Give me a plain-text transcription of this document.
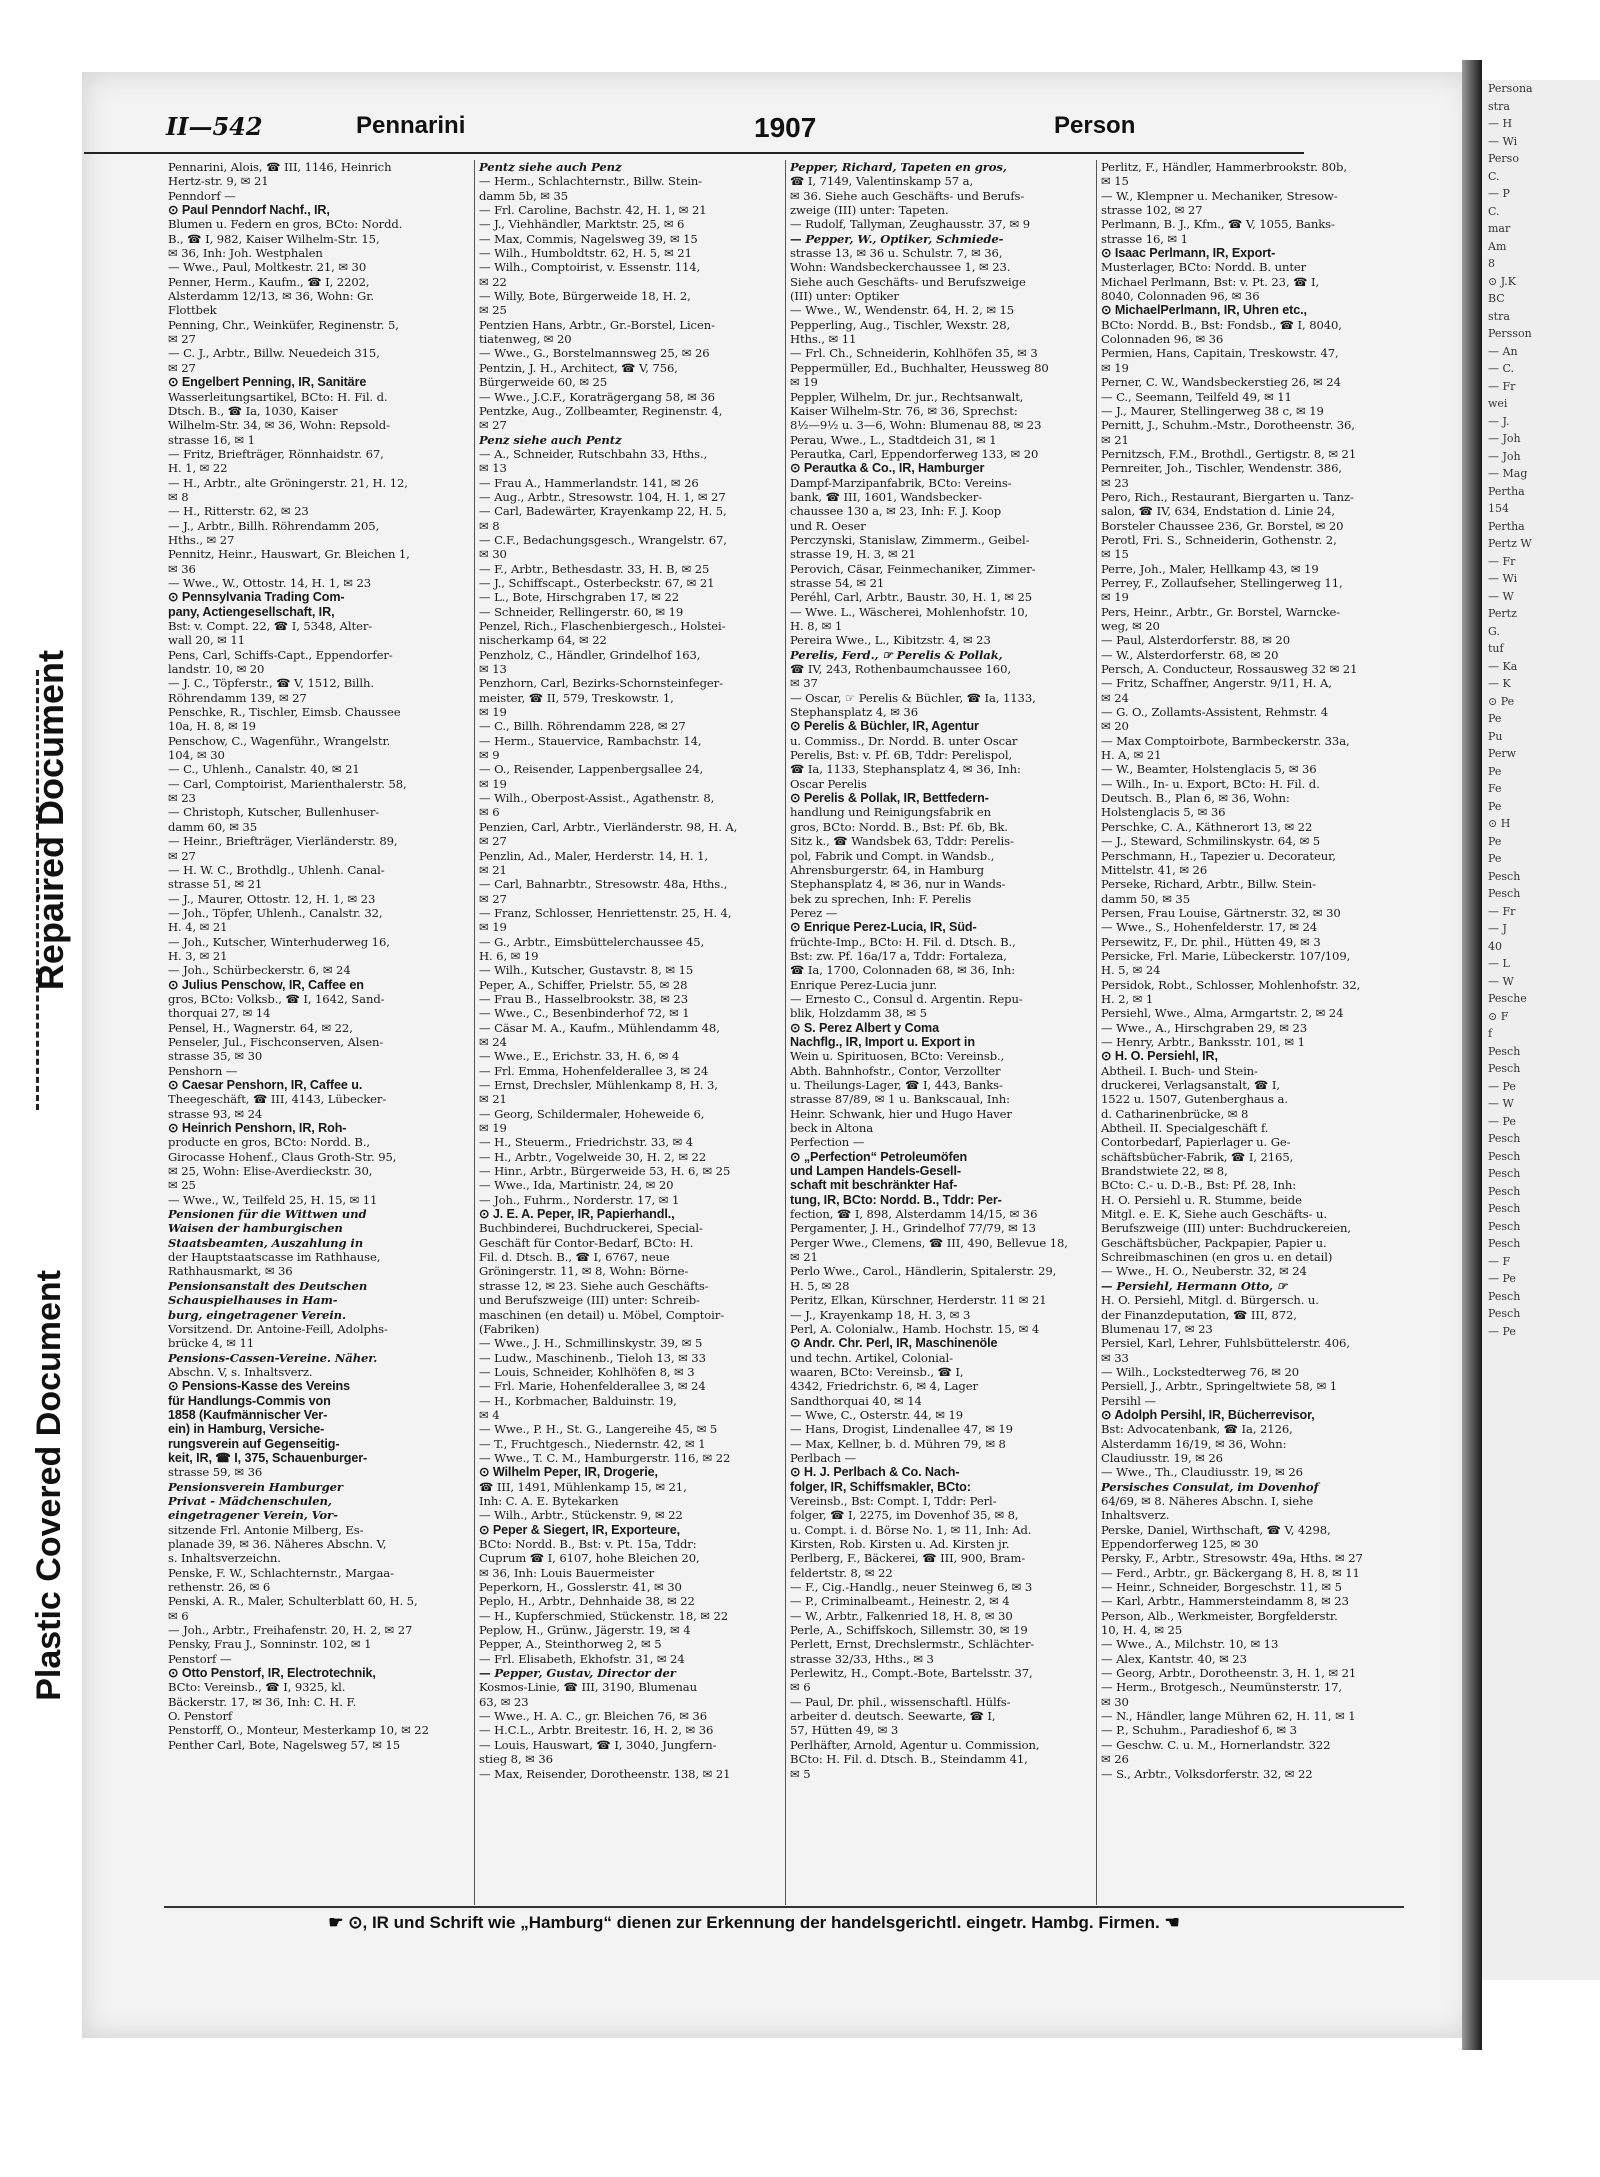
Repaired Document
Plastic Covered Document
Persona
stra
— H
— Wi
Perso
C.
— P
C.
mar
Am
8
⊙ J.K
BC
stra
Persson
— An
— C.
— Fr
wei
— J.
— Joh
— Joh
— Mag
Pertha
154
Pertha
Pertz W
— Fr
— Wi
— W
Pertz
G.
tuf
— Ka
— K
⊙ Pe
Pe
Pu
Perw
Pe
Fe
Pe
⊙ H
Pe
Pe
Pesch
Pesch
— Fr
— J
40
— L
— W
Pesche
⊙ F
f
Pesch
Pesch
— Pe
— W
— Pe
Pesch
Pesch
Pesch
Pesch
Pesch
Pesch
Pesch
— F
— Pe
Pesch
Pesch
— Pe
II—542	Pennarini	1907	Person
Pennarini, Alois, ☎ III, 1146, Heinrich
Hertz-str. 9, ✉ 21
Penndorf —
⊙ Paul Penndorf Nachf., IR,
Blumen u. Federn en gros, BCto: Nordd.
B., ☎ I, 982, Kaiser Wilhelm-Str. 15,
✉ 36, Inh: Joh. Westphalen
— Wwe., Paul, Moltkestr. 21, ✉ 30
Penner, Herm., Kaufm., ☎ I, 2202,
Alsterdamm 12/13, ✉ 36, Wohn: Gr.
Flottbek
Penning, Chr., Weinküfer, Reginenstr. 5,
✉ 27
— C. J., Arbtr., Billw. Neuedeich 315,
✉ 27
⊙ Engelbert Penning, IR, Sanitäre
Wasserleitungsartikel, BCto: H. Fil. d.
Dtsch. B., ☎ Ia, 1030, Kaiser
Wilhelm-Str. 34, ✉ 36, Wohn: Repsold-
strasse 16, ✉ 1
— Fritz, Briefträger, Rönnhaidstr. 67,
H. 1, ✉ 22
— H., Arbtr., alte Gröningerstr. 21, H. 12,
✉ 8
— H., Ritterstr. 62, ✉ 23
— J., Arbtr., Billh. Röhrendamm 205,
Hths., ✉ 27
Pennitz, Heinr., Hauswart, Gr. Bleichen 1,
✉ 36
— Wwe., W., Ottostr. 14, H. 1, ✉ 23
⊙ Pennsylvania Trading Com-
pany, Actiengesellschaft, IR,
Bst: v. Compt. 22, ☎ I, 5348, Alter-
wall 20, ✉ 11
Pens, Carl, Schiffs-Capt., Eppendorfer-
landstr. 10, ✉ 20
— J. C., Töpferstr., ☎ V, 1512, Billh.
Röhrendamm 139, ✉ 27
Penschke, R., Tischler, Eimsb. Chaussee
10a, H. 8, ✉ 19
Penschow, C., Wagenführ., Wrangelstr.
104, ✉ 30
— C., Uhlenh., Canalstr. 40, ✉ 21
— Carl, Comptoirist, Marienthalerstr. 58,
✉ 23
— Christoph, Kutscher, Bullenhuser-
damm 60, ✉ 35
— Heinr., Briefträger, Vierländerstr. 89,
✉ 27
— H. W. C., Brothdlg., Uhlenh. Canal-
strasse 51, ✉ 21
— J., Maurer, Ottostr. 12, H. 1, ✉ 23
— Joh., Töpfer, Uhlenh., Canalstr. 32,
H. 4, ✉ 21
— Joh., Kutscher, Winterhuderweg 16,
H. 3, ✉ 21
— Joh., Schürbeckerstr. 6, ✉ 24
⊙ Julius Penschow, IR, Caffee en
gros, BCto: Volksb., ☎ I, 1642, Sand-
thorquai 27, ✉ 14
Pensel, H., Wagnerstr. 64, ✉ 22,
Penseler, Jul., Fischconserven, Alsen-
strasse 35, ✉ 30
Penshorn —
⊙ Caesar Penshorn, IR, Caffee u.
Theegeschäft, ☎ III, 4143, Lübecker-
strasse 93, ✉ 24
⊙ Heinrich Penshorn, IR, Roh-
producte en gros, BCto: Nordd. B.,
Girocasse Hohenf., Claus Groth-Str. 95,
✉ 25, Wohn: Elise-Averdieckstr. 30,
✉ 25
— Wwe., W., Teilfeld 25, H. 15, ✉ 11
Pensionen für die Wittwen und
Waisen der hamburgischen
Staatsbeamten, Auszahlung in
der Hauptstaatscasse im Rathhause,
Rathhausmarkt, ✉ 36
Pensionsanstalt des Deutschen
Schauspielhauses in Ham-
burg, eingetragener Verein.
Vorsitzend. Dr. Antoine-Feill, Adolphs-
brücke 4, ✉ 11
Pensions-Cassen-Vereine. Näher.
Abschn. V, s. Inhaltsverz.
⊙ Pensions-Kasse des Vereins
für Handlungs-Commis von
1858 (Kaufmännischer Ver-
ein) in Hamburg, Versiche-
rungsverein auf Gegenseitig-
keit, IR, ☎ I, 375, Schauenburger-
strasse 59, ✉ 36
Pensionsverein Hamburger
Privat - Mädchenschulen,
eingetragener Verein, Vor-
sitzende Frl. Antonie Milberg, Es-
planade 39, ✉ 36. Näheres Abschn. V,
s. Inhaltsverzeichn.
Penske, F. W., Schlachternstr., Margaa-
rethenstr. 26, ✉ 6
Penski, A. R., Maler, Schulterblatt 60, H. 5,
✉ 6
— Joh., Arbtr., Freihafenstr. 20, H. 2, ✉ 27
Pensky, Frau J., Sonninstr. 102, ✉ 1
Penstorf —
⊙ Otto Penstorf, IR, Electrotechnik,
BCto: Vereinsb., ☎ I, 9325, kl.
Bäckerstr. 17, ✉ 36, Inh: C. H. F.
O. Penstorf
Penstorff, O., Monteur, Mesterkamp 10, ✉ 22
Penther Carl, Bote, Nagelsweg 57, ✉ 15
Pentz siehe auch Penz
— Herm., Schlachternstr., Billw. Stein-
damm 5b, ✉ 35
— Frl. Caroline, Bachstr. 42, H. 1, ✉ 21
— J., Viehhändler, Marktstr. 25, ✉ 6
— Max, Commis, Nagelsweg 39, ✉ 15
— Wilh., Humboldtstr. 62, H. 5, ✉ 21
— Wilh., Comptoirist, v. Essenstr. 114,
✉ 22
— Willy, Bote, Bürgerweide 18, H. 2,
✉ 25
Pentzien Hans, Arbtr., Gr.-Borstel, Licen-
tiatenweg, ✉ 20
— Wwe., G., Borstelmannsweg 25, ✉ 26
Pentzin, J. H., Architect, ☎ V, 756,
Bürgerweide 60, ✉ 25
— Wwe., J.C.F., Koraträgergang 58, ✉ 36
Pentzke, Aug., Zollbeamter, Reginenstr. 4,
✉ 27
Penz siehe auch Pentz
— A., Schneider, Rutschbahn 33, Hths.,
✉ 13
— Frau A., Hammerlandstr. 141, ✉ 26
— Aug., Arbtr., Stresowstr. 104, H. 1, ✉ 27
— Carl, Badewärter, Krayenkamp 22, H. 5,
✉ 8
— C.F., Bedachungsgesch., Wrangelstr. 67,
✉ 30
— F., Arbtr., Bethesdastr. 33, H. B, ✉ 25
— J., Schiffscapt., Osterbeckstr. 67, ✉ 21
— L., Bote, Hirschgraben 17, ✉ 22
— Schneider, Rellingerstr. 60, ✉ 19
Penzel, Rich., Flaschenbiergesch., Holstei-
nischerkamp 64, ✉ 22
Penzholz, C., Händler, Grindelhof 163,
✉ 13
Penzhorn, Carl, Bezirks-Schornsteinfeger-
meister, ☎ II, 579, Treskowstr. 1,
✉ 19
— C., Billh. Röhrendamm 228, ✉ 27
— Herm., Stauervice, Rambachstr. 14,
✉ 9
— O., Reisender, Lappenbergsallee 24,
✉ 19
— Wilh., Oberpost-Assist., Agathenstr. 8,
✉ 6
Penzien, Carl, Arbtr., Vierländerstr. 98, H. A,
✉ 27
Penzlin, Ad., Maler, Herderstr. 14, H. 1,
✉ 21
— Carl, Bahnarbtr., Stresowstr. 48a, Hths.,
✉ 27
— Franz, Schlosser, Henriettenstr. 25, H. 4,
✉ 19
— G., Arbtr., Eimsbüttelerchaussee 45,
H. 6, ✉ 19
— Wilh., Kutscher, Gustavstr. 8, ✉ 15
Peper, A., Schiffer, Prielstr. 55, ✉ 28
— Frau B., Hasselbrookstr. 38, ✉ 23
— Wwe., C., Besenbinderhof 72, ✉ 1
— Cäsar M. A., Kaufm., Mühlendamm 48,
✉ 24
— Wwe., E., Erichstr. 33, H. 6, ✉ 4
— Frl. Emma, Hohenfelderallee 3, ✉ 24
— Ernst, Drechsler, Mühlenkamp 8, H. 3,
✉ 21
— Georg, Schildermaler, Hoheweide 6,
✉ 19
— H., Steuerm., Friedrichstr. 33, ✉ 4
— H., Arbtr., Vogelweide 30, H. 2, ✉ 22
— Hinr., Arbtr., Bürgerweide 53, H. 6, ✉ 25
— Wwe., Ida, Martinistr. 24, ✉ 20
— Joh., Fuhrm., Norderstr. 17, ✉ 1
⊙ J. E. A. Peper, IR, Papierhandl.,
Buchbinderei, Buchdruckerei, Special-
Geschäft für Contor-Bedarf, BCto: H.
Fil. d. Dtsch. B., ☎ I, 6767, neue
Gröningerstr. 11, ✉ 8, Wohn: Börne-
strasse 12, ✉ 23. Siehe auch Geschäfts-
und Berufszweige (III) unter: Schreib-
maschinen (en detail) u. Möbel, Comptoir-
(Fabriken)
— Wwe., J. H., Schmillinskystr. 39, ✉ 5
— Ludw., Maschinenb., Tieloh 13, ✉ 33
— Louis, Schneider, Kohlhöfen 8, ✉ 3
— Frl. Marie, Hohenfelderallee 3, ✉ 24
— H., Korbmacher, Balduinstr. 19,
✉ 4
— Wwe., P. H., St. G., Langereihe 45, ✉ 5
— T., Fruchtgesch., Niedernstr. 42, ✉ 1
— Wwe., T. C. M., Hamburgerstr. 116, ✉ 22
⊙ Wilhelm Peper, IR, Drogerie,
☎ III, 1491, Mühlenkamp 15, ✉ 21,
Inh: C. A. E. Bytekarken
— Wilh., Arbtr., Stückenstr. 9, ✉ 22
⊙ Peper & Siegert, IR, Exporteure,
BCto: Nordd. B., Bst: v. Pt. 15a, Tddr:
Cuprum ☎ I, 6107, hohe Bleichen 20,
✉ 36, Inh: Louis Bauermeister
Peperkorn, H., Gosslerstr. 41, ✉ 30
Peplo, H., Arbtr., Dehnhaide 38, ✉ 22
— H., Kupferschmied, Stückenstr. 18, ✉ 22
Peplow, H., Grünw., Jägerstr. 19, ✉ 4
Pepper, A., Steinthorweg 2, ✉ 5
— Frl. Elisabeth, Ekhofstr. 31, ✉ 24
— Pepper, Gustav, Director der
Kosmos-Linie, ☎ III, 3190, Blumenau
63, ✉ 23
— Wwe., H. A. C., gr. Bleichen 76, ✉ 36
— H.C.L., Arbtr. Breitestr. 16, H. 2, ✉ 36
— Louis, Hauswart, ☎ I, 3040, Jungfern-
stieg 8, ✉ 36
— Max, Reisender, Dorotheenstr. 138, ✉ 21
Pepper, Richard, Tapeten en gros,
☎ I, 7149, Valentinskamp 57 a,
✉ 36. Siehe auch Geschäfts- und Berufs-
zweige (III) unter: Tapeten.
— Rudolf, Tallyman, Zeughausstr. 37, ✉ 9
— Pepper, W., Optiker, Schmiede-
strasse 13, ✉ 36 u. Schulstr. 7, ✉ 36,
Wohn: Wandsbeckerchaussee 1, ✉ 23.
Siehe auch Geschäfts- und Berufszweige
(III) unter: Optiker
— Wwe., W., Wendenstr. 64, H. 2, ✉ 15
Pepperling, Aug., Tischler, Wexstr. 28,
Hths., ✉ 11
— Frl. Ch., Schneiderin, Kohlhöfen 35, ✉ 3
Peppermüller, Ed., Buchhalter, Heussweg 80
✉ 19
Peppler, Wilhelm, Dr. jur., Rechtsanwalt,
Kaiser Wilhelm-Str. 76, ✉ 36, Sprechst:
8½—9½ u. 3—6, Wohn: Blumenau 88, ✉ 23
Perau, Wwe., L., Stadtdeich 31, ✉ 1
Perautka, Carl, Eppendorferweg 133, ✉ 20
⊙ Perautka & Co., IR, Hamburger
Dampf-Marzipanfabrik, BCto: Vereins-
bank, ☎ III, 1601, Wandsbecker-
chaussee 130 a, ✉ 23, Inh: F. J. Koop
und R. Oeser
Perczynski, Stanislaw, Zimmerm., Geibel-
strasse 19, H. 3, ✉ 21
Perovich, Cäsar, Feinmechaniker, Zimmer-
strasse 54, ✉ 21
Peréhl, Carl, Arbtr., Baustr. 30, H. 1, ✉ 25
— Wwe. L., Wäscherei, Mohlenhofstr. 10,
H. 8, ✉ 1
Pereira Wwe., L., Kibitzstr. 4, ✉ 23
Perelis, Ferd., ☞ Perelis & Pollak,
☎ IV, 243, Rothenbaumchaussee 160,
✉ 37
— Oscar, ☞ Perelis & Büchler, ☎ Ia, 1133,
Stephansplatz 4, ✉ 36
⊙ Perelis & Büchler, IR, Agentur
u. Commiss., Dr. Nordd. B. unter Oscar
Perelis, Bst: v. Pf. 6B, Tddr: Perelispol,
☎ Ia, 1133, Stephansplatz 4, ✉ 36, Inh:
Oscar Perelis
⊙ Perelis & Pollak, IR, Bettfedern-
handlung und Reinigungsfabrik en
gros, BCto: Nordd. B., Bst: Pf. 6b, Bk.
Sitz k., ☎ Wandsbek 63, Tddr: Perelis-
pol, Fabrik und Compt. in Wandsb.,
Ahrensburgerstr. 64, in Hamburg
Stephansplatz 4, ✉ 36, nur in Wands-
bek zu sprechen, Inh: F. Perelis
Perez —
⊙ Enrique Perez-Lucia, IR, Süd-
früchte-Imp., BCto: H. Fil. d. Dtsch. B.,
Bst: zw. Pf. 16a/17 a, Tddr: Fortaleza,
☎ Ia, 1700, Colonnaden 68, ✉ 36, Inh:
Enrique Perez-Lucia junr.
— Ernesto C., Consul d. Argentin. Repu-
blik, Holzdamm 38, ✉ 5
⊙ S. Perez Albert y Coma
Nachflg., IR, Import u. Export in
Wein u. Spirituosen, BCto: Vereinsb.,
Abth. Bahnhofstr., Contor, Verzollter
u. Theilungs-Lager, ☎ I, 443, Banks-
strasse 87/89, ✉ 1 u. Bankscaual, Inh:
Heinr. Schwank, hier und Hugo Haver
beck in Altona
Perfection —
⊙ „Perfection“ Petroleumöfen
und Lampen Handels-Gesell-
schaft mit beschränkter Haf-
tung, IR, BCto: Nordd. B., Tddr: Per-
fection, ☎ I, 898, Alsterdamm 14/15, ✉ 36
Pergamenter, J. H., Grindelhof 77/79, ✉ 13
Perger Wwe., Clemens, ☎ III, 490, Bellevue 18,
✉ 21
Perlo Wwe., Carol., Händlerin, Spitalerstr. 29,
H. 5, ✉ 28
Peritz, Elkan, Kürschner, Herderstr. 11 ✉ 21
— J., Krayenkamp 18, H. 3, ✉ 3
Perl, A. Colonialw., Hamb. Hochstr. 15, ✉ 4
⊙ Andr. Chr. Perl, IR, Maschinenöle
und techn. Artikel, Colonial-
waaren, BCto: Vereinsb., ☎ I,
4342, Friedrichstr. 6, ✉ 4, Lager
Sandthorquai 40, ✉ 14
— Wwe, C., Osterstr. 44, ✉ 19
— Hans, Drogist, Lindenallee 47, ✉ 19
— Max, Kellner, b. d. Mühren 79, ✉ 8
Perlbach —
⊙ H. J. Perlbach & Co. Nach-
folger, IR, Schiffsmakler, BCto:
Vereinsb., Bst: Compt. I, Tddr: Perl-
folger, ☎ I, 2275, im Dovenhof 35, ✉ 8,
u. Compt. i. d. Börse No. 1, ✉ 11, Inh: Ad.
Kirsten, Rob. Kirsten u. Ad. Kirsten jr.
Perlberg, F., Bäckerei, ☎ III, 900, Bram-
feldertstr. 8, ✉ 22
— F., Cig.-Handlg., neuer Steinweg 6, ✉ 3
— P., Criminalbeamt., Heinestr. 2, ✉ 4
— W., Arbtr., Falkenried 18, H. 8, ✉ 30
Perle, A., Schiffskoch, Sillemstr. 30, ✉ 19
Perlett, Ernst, Drechslermstr., Schlächter-
strasse 32/33, Hths., ✉ 3
Perlewitz, H., Compt.-Bote, Bartelsstr. 37,
✉ 6
— Paul, Dr. phil., wissenschaftl. Hülfs-
arbeiter d. deutsch. Seewarte, ☎ I,
57, Hütten 49, ✉ 3
Perlhäfter, Arnold, Agentur u. Commission,
BCto: H. Fil. d. Dtsch. B., Steindamm 41,
✉ 5
Perlitz, F., Händler, Hammerbrookstr. 80b,
✉ 15
— W., Klempner u. Mechaniker, Stresow-
strasse 102, ✉ 27
Perlmann, B. J., Kfm., ☎ V, 1055, Banks-
strasse 16, ✉ 1
⊙ Isaac Perlmann, IR, Export-
Musterlager, BCto: Nordd. B. unter
Michael Perlmann, Bst: v. Pt. 23, ☎ I,
8040, Colonnaden 96, ✉ 36
⊙ MichaelPerlmann, IR, Uhren etc.,
BCto: Nordd. B., Bst: Fondsb., ☎ I, 8040,
Colonnaden 96, ✉ 36
Permien, Hans, Capitain, Treskowstr. 47,
✉ 19
Perner, C. W., Wandsbeckerstieg 26, ✉ 24
— C., Seemann, Teilfeld 49, ✉ 11
— J., Maurer, Stellingerweg 38 c, ✉ 19
Pernitt, J., Schuhm.-Mstr., Dorotheenstr. 36,
✉ 21
Pernitzsch, F.M., Brothdl., Gertigstr. 8, ✉ 21
Pernreiter, Joh., Tischler, Wendenstr. 386,
✉ 23
Pero, Rich., Restaurant, Biergarten u. Tanz-
salon, ☎ IV, 634, Endstation d. Linie 24,
Borsteler Chaussee 236, Gr. Borstel, ✉ 20
Perotl, Fri. S., Schneiderin, Gothenstr. 2,
✉ 15
Perre, Joh., Maler, Hellkamp 43, ✉ 19
Perrey, F., Zollaufseher, Stellingerweg 11,
✉ 19
Pers, Heinr., Arbtr., Gr. Borstel, Warncke-
weg, ✉ 20
— Paul, Alsterdorferstr. 88, ✉ 20
— W., Alsterdorferstr. 68, ✉ 20
Persch, A. Conducteur, Rossausweg 32 ✉ 21
— Fritz, Schaffner, Angerstr. 9/11, H. A,
✉ 24
— G. O., Zollamts-Assistent, Rehmstr. 4
✉ 20
— Max Comptoirbote, Barmbeckerstr. 33a,
H. A, ✉ 21
— W., Beamter, Holstenglacis 5, ✉ 36
— Wilh., In- u. Export, BCto: H. Fil. d.
Deutsch. B., Plan 6, ✉ 36, Wohn:
Holstenglacis 5, ✉ 36
Perschke, C. A., Käthnerort 13, ✉ 22
— J., Steward, Schmilinskystr. 64, ✉ 5
Perschmann, H., Tapezier u. Decorateur,
Mittelstr. 41, ✉ 26
Perseke, Richard, Arbtr., Billw. Stein-
damm 50, ✉ 35
Persen, Frau Louise, Gärtnerstr. 32, ✉ 30
— Wwe., S., Hohenfelderstr. 17, ✉ 24
Persewitz, F., Dr. phil., Hütten 49, ✉ 3
Persicke, Frl. Marie, Lübeckerstr. 107/109,
H. 5, ✉ 24
Persidok, Robt., Schlosser, Mohlenhofstr. 32,
H. 2, ✉ 1
Persiehl, Wwe., Alma, Armgartstr. 2, ✉ 24
— Wwe., A., Hirschgraben 29, ✉ 23
— Henry, Arbtr., Banksstr. 101, ✉ 1
⊙ H. O. Persiehl, IR,
Abtheil. I. Buch- und Stein-
druckerei, Verlagsanstalt, ☎ I,
1522 u. 1507, Gutenberghaus a.
d. Catharinenbrücke, ✉ 8
Abtheil. II. Specialgeschäft f.
Contorbedarf, Papierlager u. Ge-
schäftsbücher-Fabrik, ☎ I, 2165,
Brandstwiete 22, ✉ 8,
BCto: C.- u. D.-B., Bst: Pf. 28, Inh:
H. O. Persiehl u. R. Stumme, beide
Mitgl. e. E. K, Siehe auch Geschäfts- u.
Berufszweige (III) unter: Buchdruckereien,
Geschäftsbücher, Packpapier, Papier u.
Schreibmaschinen (en gros u. en detail)
— Wwe., H. O., Neuberstr. 32, ✉ 24
— Persiehl, Hermann Otto, ☞
H. O. Persiehl, Mitgl. d. Bürgersch. u.
der Finanzdeputation, ☎ III, 872,
Blumenau 17, ✉ 23
Persiel, Karl, Lehrer, Fuhlsbüttelerstr. 406,
✉ 33
— Wilh., Lockstedterweg 76, ✉ 20
Persiell, J., Arbtr., Springeltwiete 58, ✉ 1
Persihl —
⊙ Adolph Persihl, IR, Bücherrevisor,
Bst: Advocatenbank, ☎ Ia, 2126,
Alsterdamm 16/19, ✉ 36, Wohn:
Claudiusstr. 19, ✉ 26
— Wwe., Th., Claudiusstr. 19, ✉ 26
Persisches Consulat, im Dovenhof
64/69, ✉ 8. Näheres Abschn. I, siehe
Inhaltsverz.
Perske, Daniel, Wirthschaft, ☎ V, 4298,
Eppendorferweg 125, ✉ 30
Persky, F., Arbtr., Stresowstr. 49a, Hths. ✉ 27
— Ferd., Arbtr., gr. Bäckergang 8, H. 8, ✉ 11
— Heinr., Schneider, Borgeschstr. 11, ✉ 5
— Karl, Arbtr., Hammersteindamm 8, ✉ 23
Person, Alb., Werkmeister, Borgfelderstr.
10, H. 4, ✉ 25
— Wwe., A., Milchstr. 10, ✉ 13
— Alex, Kantstr. 40, ✉ 23
— Georg, Arbtr., Dorotheenstr. 3, H. 1, ✉ 21
— Herm., Brotgesch., Neumünsterstr. 17,
✉ 30
— N., Händler, lange Mühren 62, H. 11, ✉ 1
— P., Schuhm., Paradieshof 6, ✉ 3
— Geschw. C. u. M., Hornerlandstr. 322
✉ 26
— S., Arbtr., Volksdorferstr. 32, ✉ 22
☛ ⊙, IR und Schrift wie „Hamburg“ dienen zur Erkennung der handelsgerichtl. eingetr. Hambg. Firmen. ☚
